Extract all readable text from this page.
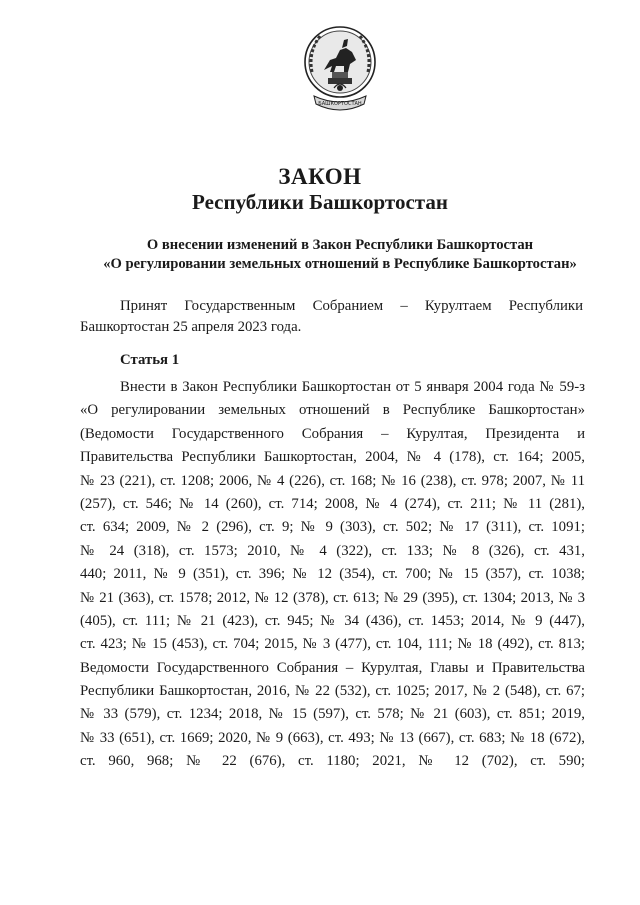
БАШКОРТОСТАН
ЗАКОН
Республики Башкортостан
О внесении изменений в Закон Республики Башкортостан
«О регулировании земельных отношений в Республике Башкортостан»
Принят Государственным Собранием – Курултаем Республики
Башкортостан 25 апреля 2023 года.
Статья 1
Внести в Закон Республики Башкортостан от 5 января 2004 года № 59-з
«О регулировании земельных отношений в Республике Башкортостан»
(Ведомости Государственного Собрания – Курултая, Президента и
Правительства Республики Башкортостан, 2004, № 4 (178), ст. 164; 2005,
№ 23 (221), ст. 1208; 2006, № 4 (226), ст. 168; № 16 (238), ст. 978; 2007, № 11
(257), ст. 546; № 14 (260), ст. 714; 2008, № 4 (274), ст. 211; № 11 (281),
ст. 634; 2009, № 2 (296), ст. 9; № 9 (303), ст. 502; № 17 (311), ст. 1091;
№ 24 (318), ст. 1573; 2010, № 4 (322), ст. 133; № 8 (326), ст. 431,
440; 2011, № 9 (351), ст. 396; № 12 (354), ст. 700; № 15 (357), ст. 1038;
№ 21 (363), ст. 1578; 2012, № 12 (378), ст. 613; № 29 (395), ст. 1304; 2013, № 3
(405), ст. 111; № 21 (423), ст. 945; № 34 (436), ст. 1453; 2014, № 9 (447),
ст. 423; № 15 (453), ст. 704; 2015, № 3 (477), ст. 104, 111; № 18 (492), ст. 813;
Ведомости Государственного Собрания – Курултая, Главы и Правительства
Республики Башкортостан, 2016, № 22 (532), ст. 1025; 2017, № 2 (548), ст. 67;
№ 33 (579), ст. 1234; 2018, № 15 (597), ст. 578; № 21 (603), ст. 851; 2019,
№ 33 (651), ст. 1669; 2020, № 9 (663), ст. 493; № 13 (667), ст. 683; № 18 (672),
ст. 960, 968; № 22 (676), ст. 1180; 2021, № 12 (702), ст. 590;
